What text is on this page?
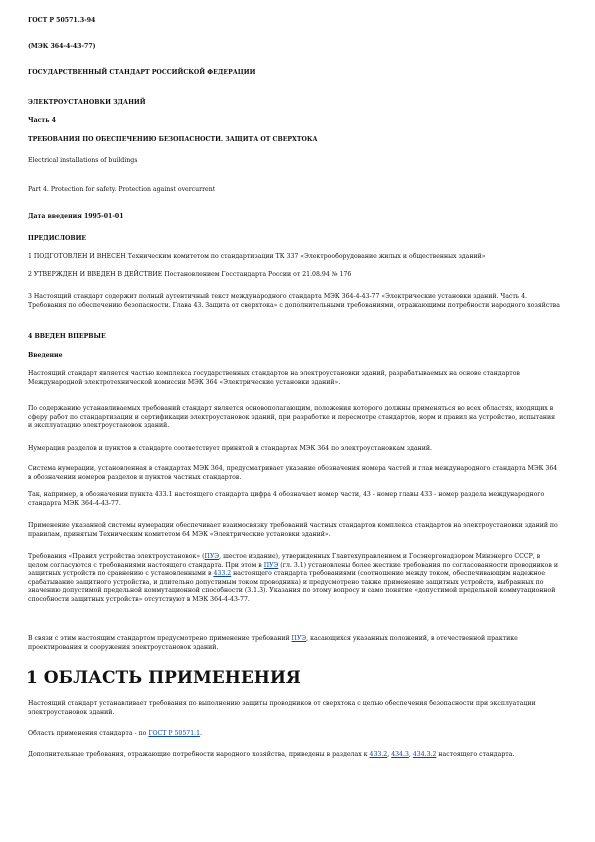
ГОСТ Р 50571.3-94

(МЭК 364-4-43-77)

ГОСУДАРСТВЕННЫЙ СТАНДАРТ РОССИЙСКОЙ ФЕДЕРАЦИИ

ЭЛЕКТРОУСТАНОВКИ ЗДАНИЙ

Часть 4

ТРЕБОВАНИЯ ПО ОБЕСПЕЧЕНИЮ БЕЗОПАСНОСТИ. ЗАЩИТА ОТ СВЕРХТОКА

Electrical installations of buildings

Part 4. Protection for safety. Protection against overcurrent

Дата введения 1995-01-01

ПРЕДИСЛОВИЕ

1 ПОДГОТОВЛЕН И ВНЕСЕН Техническим комитетом по стандартизации ТК 337 «Электрооборудование жилых и общественных зданий»

2 УТВЕРЖДЕН И ВВЕДЕН В ДЕЙСТВИЕ Постановлением Госстандарта России от 21.08.94 № 176

3 Настоящий стандарт содержит полный аутентичный текст международного стандарта МЭК 364-4-43-77 «Электрические установки зданий. Часть 4. Требования по обеспечению безопасности. Глава 43. Защита от сверхтока» с дополнительными требованиями, отражающими потребности народного хозяйства

4 ВВЕДЕН ВПЕРВЫЕ

Введение

Настоящий стандарт является частью комплекса государственных стандартов на электроустановки зданий, разрабатываемых на основе стандартов Международной электротехнической комиссии МЭК 364 «Электрические установки зданий».

По содержанию устанавливаемых требований стандарт является основополагающим, положения которого должны применяться во всех областях, входящих в сферу работ по стандартизации и сертификации электроустановок зданий, при разработке и пересмотре стандартов, норм и правил на устройство, испытания и эксплуатацию электроустановок зданий.

Нумерация разделов и пунктов в стандарте соответствует принятой в стандартах МЭК 364 по электроустановкам зданий.

Система нумерации, установленная в стандартах МЭК 364, предусматривает указание обозначения номера частей и глав международного стандарта МЭК 364 в обозначении номеров разделов и пунктов частных стандартов.

Так, например, в обозначении пункта 433.1 настоящего стандарта цифра 4 обозначает номер части, 43 - номер главы 433 - номер раздела международного стандарта МЭК 364-4-43-77.

Применение указанной системы нумерации обеспечивает взаимосвязку требований частных стандартов комплекса стандартов на электроустановки зданий по правилам, принятым Техническим комитетом 64 МЭК «Электрические установки зданий».

Требования «Правил устройства электроустановок» (ПУЭ, шестое издание), утвержденных Главтехуправлением и Госэнергонадзором Минэнерго СССР, в целом согласуются с требованиями настоящего стандарта. При этом в ПУЭ (гл. 3.1) установлены более жесткие требования по согласованности проводников и защитных устройств по сравнению с установленными в 433.2 настоящего стандарта требованиями (соотношение между током, обеспечивающим надежное срабатывание защитного устройства, и длительно допустимым током проводника) и предусмотрено также применение защитных устройств, выбранных по значению допустимой предельной коммутационной способности (3.1.3). Указания по этому вопросу и само понятие «допустимой предельной коммутационной способности защитных устройств» отсутствуют в МЭК 364-4-43-77.

В связи с этим настоящим стандартом предусмотрено применение требований ПУЭ, касающихся указанных положений, в отечественной практике проектирования и сооружения электроустановок зданий.

1 ОБЛАСТЬ ПРИМЕНЕНИЯ

Настоящий стандарт устанавливает требования по выполнению защиты проводников от сверхтока с целью обеспечения безопасности при эксплуатации электроустановок зданий.

Область применения стандарта - по ГОСТ Р 50571.1.

Дополнительные требования, отражающие потребности народного хозяйства, приведены в разделах к 433.2, 434.3, 434.3.2 настоящего стандарта.
